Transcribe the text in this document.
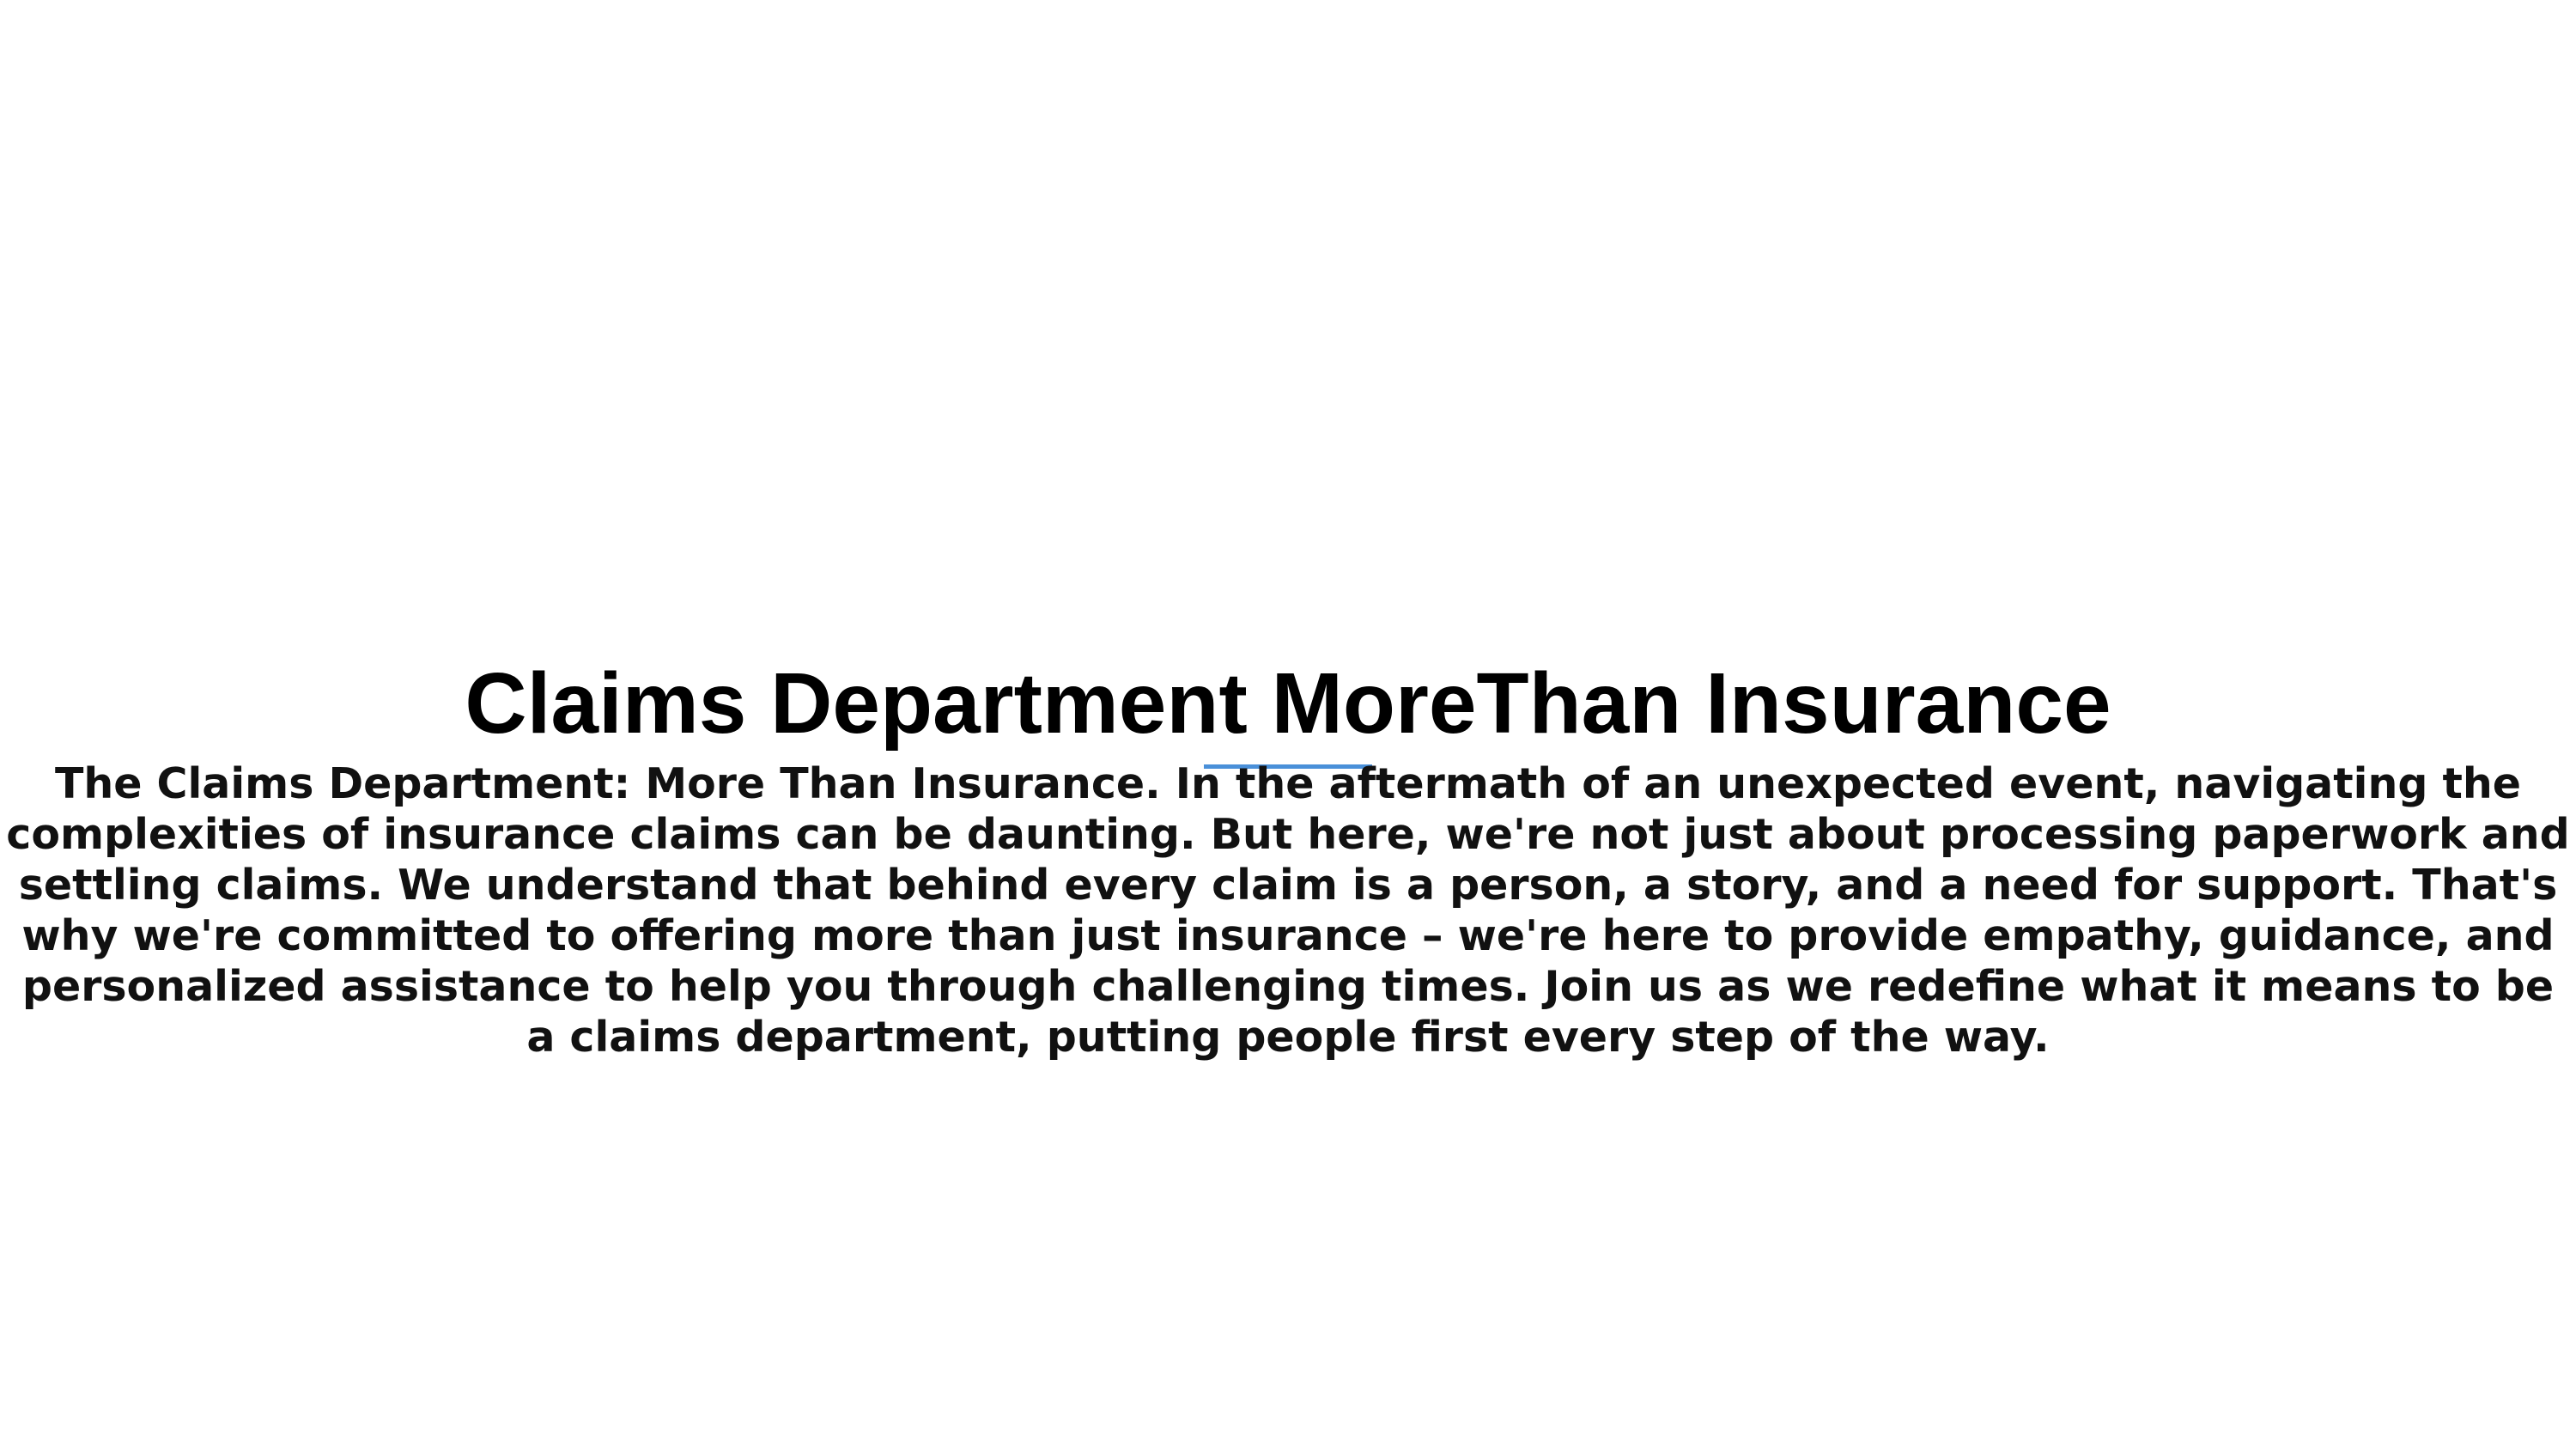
Claims Department MoreThan Insurance

The Claims Department: More Than Insurance. In the aftermath of an unexpected event, navigating the complexities of insurance claims can be daunting. But here, we're not just about processing paperwork and settling claims. We understand that behind every claim is a person, a story, and a need for support. That's why we're committed to offering more than just insurance – we're here to provide empathy, guidance, and personalized assistance to help you through challenging times. Join us as we redefine what it means to be a claims department, putting people first every step of the way.
